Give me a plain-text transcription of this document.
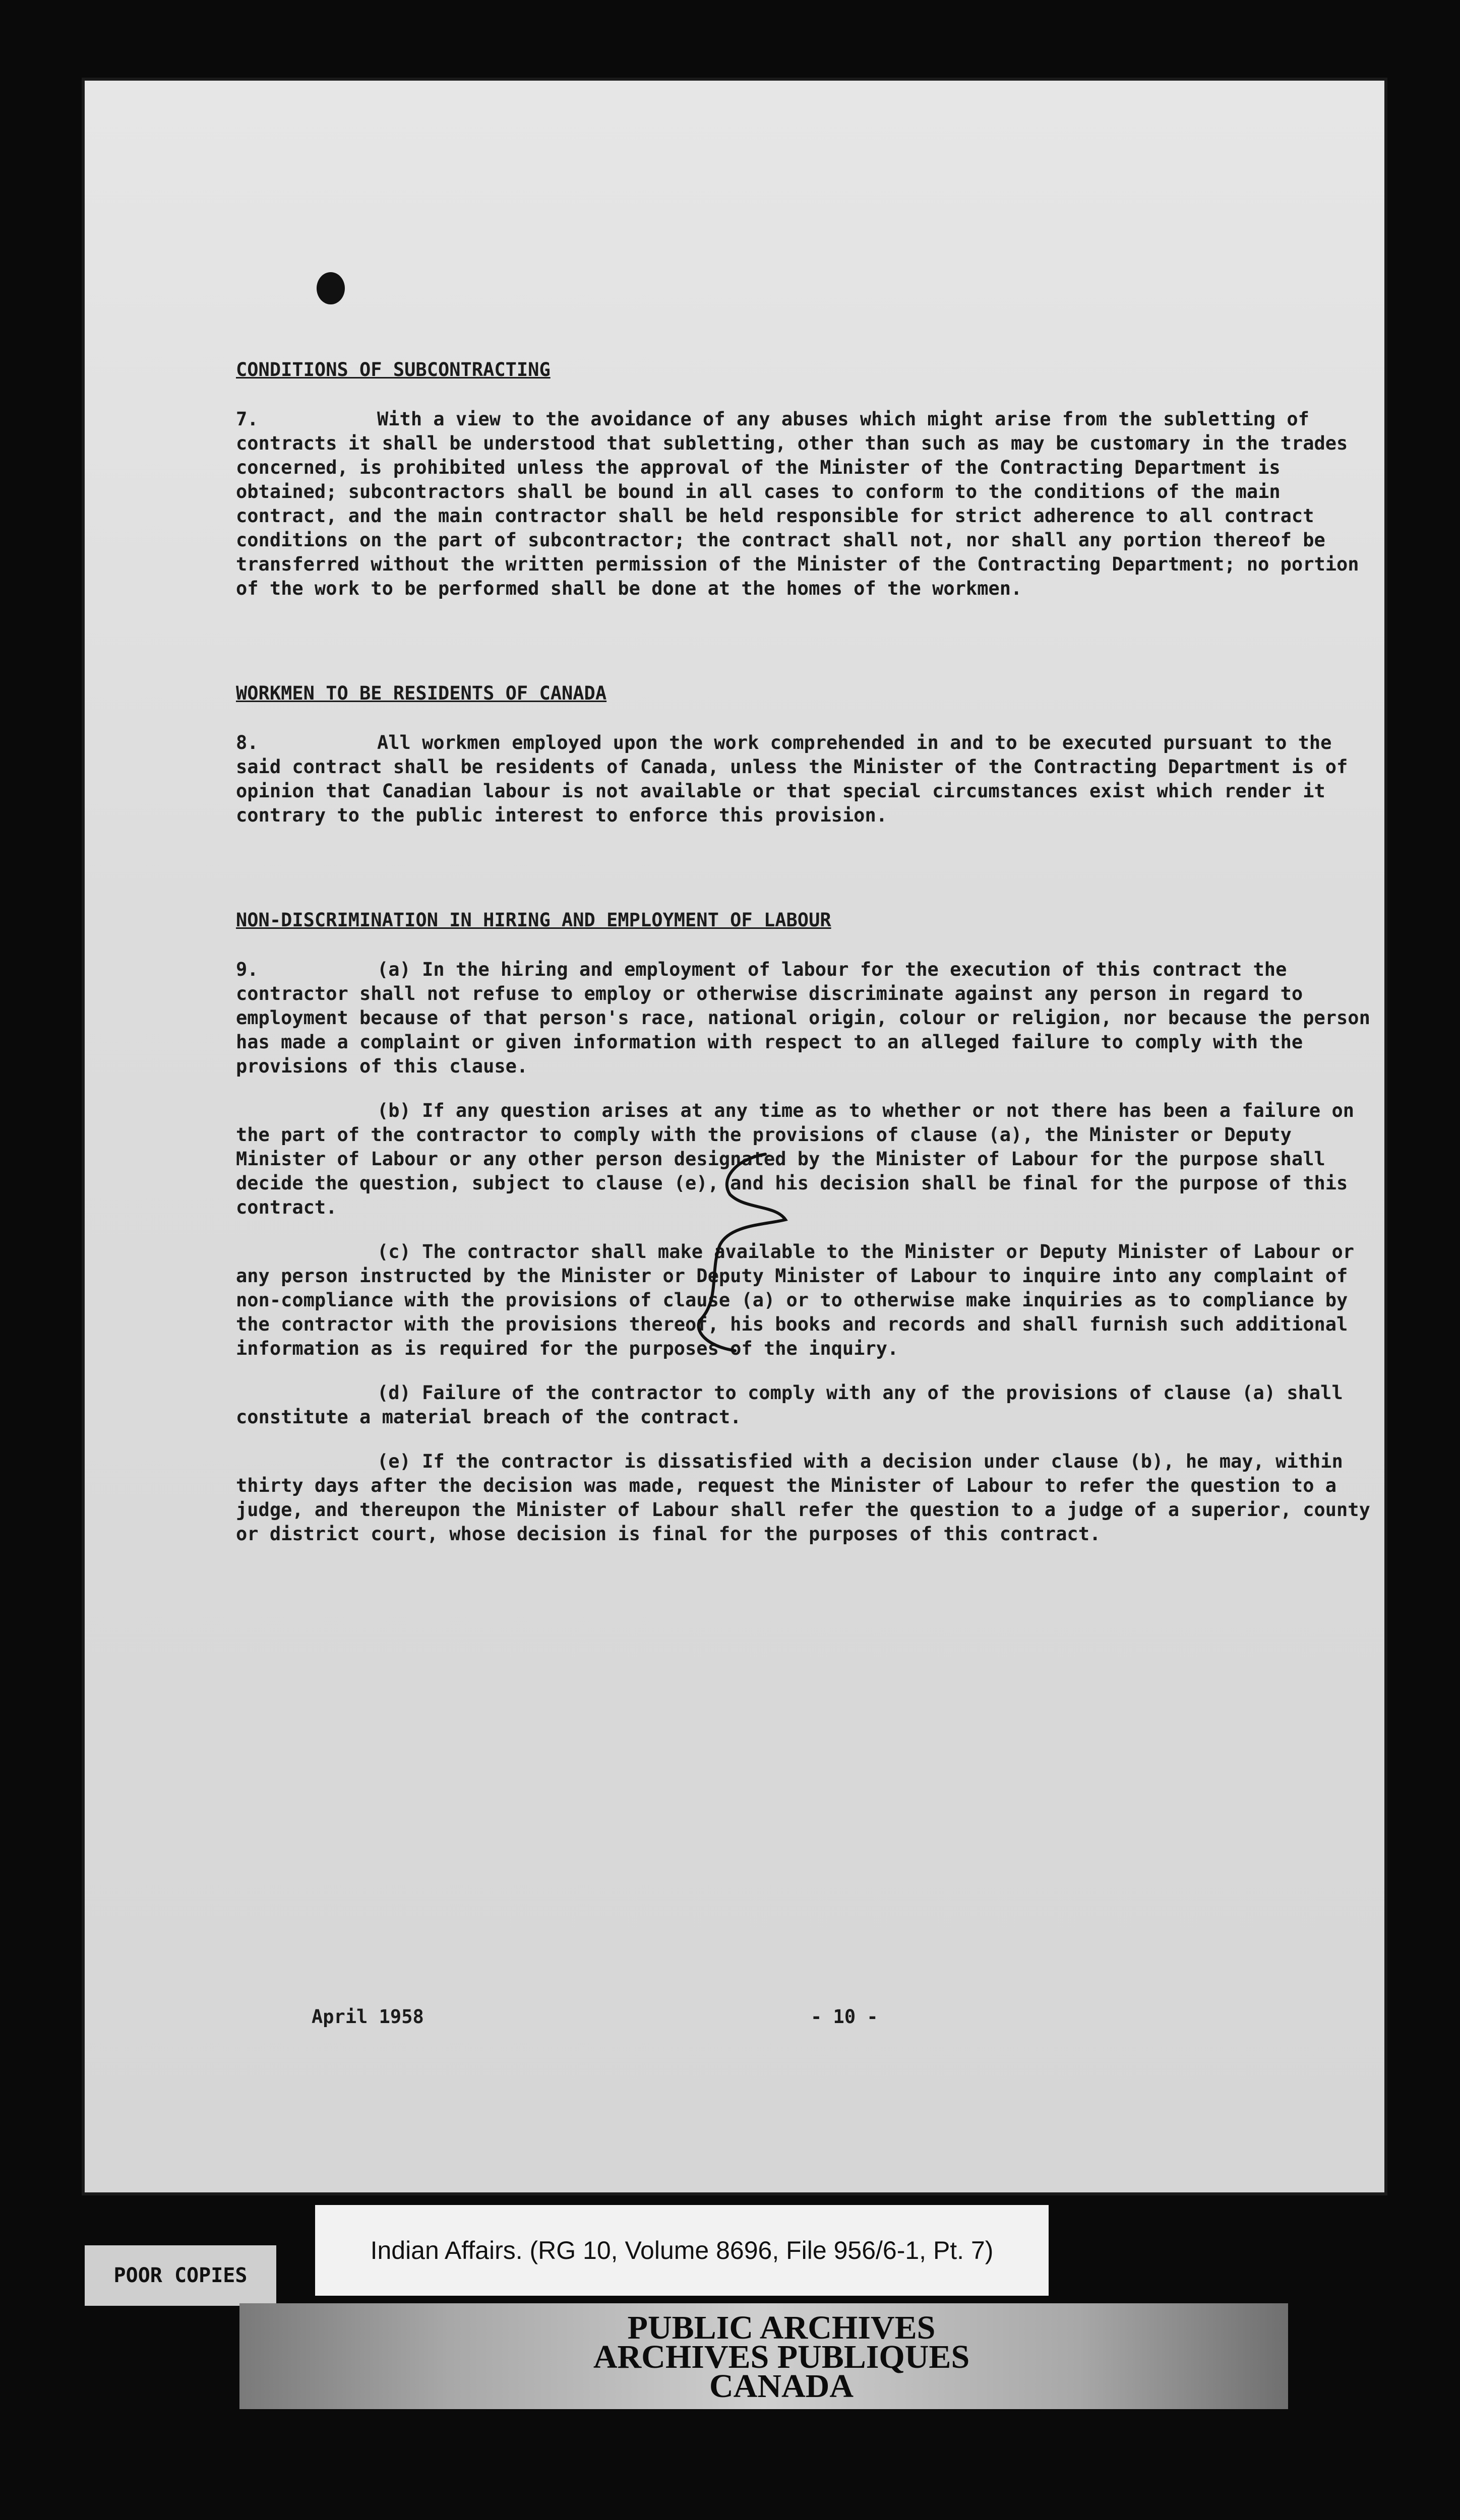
CONDITIONS OF SUBCONTRACTING
7.	With a view to the avoidance of any abuses which might arise from the subletting of contracts it shall be understood that subletting, other than such as may be customary in the trades concerned, is prohibited unless the approval of the Minister of the Contracting Department is obtained; subcontractors shall be bound in all cases to conform to the conditions of the main contract, and the main contractor shall be held responsible for strict adherence to all contract conditions on the part of subcontractor; the contract shall not, nor shall any portion thereof be transferred without the written permission of the Minister of the Contracting Department; no portion of the work to be performed shall be done at the homes of the workmen.
WORKMEN TO BE RESIDENTS OF CANADA
8.	All workmen employed upon the work comprehended in and to be executed pursuant to the said contract shall be residents of Canada, unless the Minister of the Contracting Department is of opinion that Canadian labour is not available or that special circumstances exist which render it contrary to the public interest to enforce this provision.
NON-DISCRIMINATION IN HIRING AND EMPLOYMENT OF LABOUR
9.	(a) In the hiring and employment of labour for the execution of this contract the contractor shall not refuse to employ or otherwise discriminate against any person in regard to employment because of that person's race, national origin, colour or religion, nor because the person has made a complaint or given information with respect to an alleged failure to comply with the provisions of this clause.
(b) If any question arises at any time as to whether or not there has been a failure on the part of the contractor to comply with the provisions of clause (a), the Minister or Deputy Minister of Labour or any other person designated by the Minister of Labour for the purpose shall decide the question, subject to clause (e), and his decision shall be final for the purpose of this contract.
(c) The contractor shall make available to the Minister or Deputy Minister of Labour or any person instructed by the Minister or Deputy Minister of Labour to inquire into any complaint of non-compliance with the provisions of clause (a) or to otherwise make inquiries as to compliance by the contractor with the provisions thereof, his books and records and shall furnish such additional information as is required for the purposes of the inquiry.
(d) Failure of the contractor to comply with any of the provisions of clause (a) shall constitute a material breach of the contract.
(e) If the contractor is dissatisfied with a decision under clause (b), he may, within thirty days after the decision was made, request the Minister of Labour to refer the question to a judge, and thereupon the Minister of Labour shall refer the question to a judge of a superior, county or district court, whose decision is final for the purposes of this contract.
April 1958	- 10 -
Indian Affairs. (RG 10, Volume 8696, File 956/6-1, Pt. 7)
POOR COPIES
PUBLIC ARCHIVES
ARCHIVES PUBLIQUES
CANADA
